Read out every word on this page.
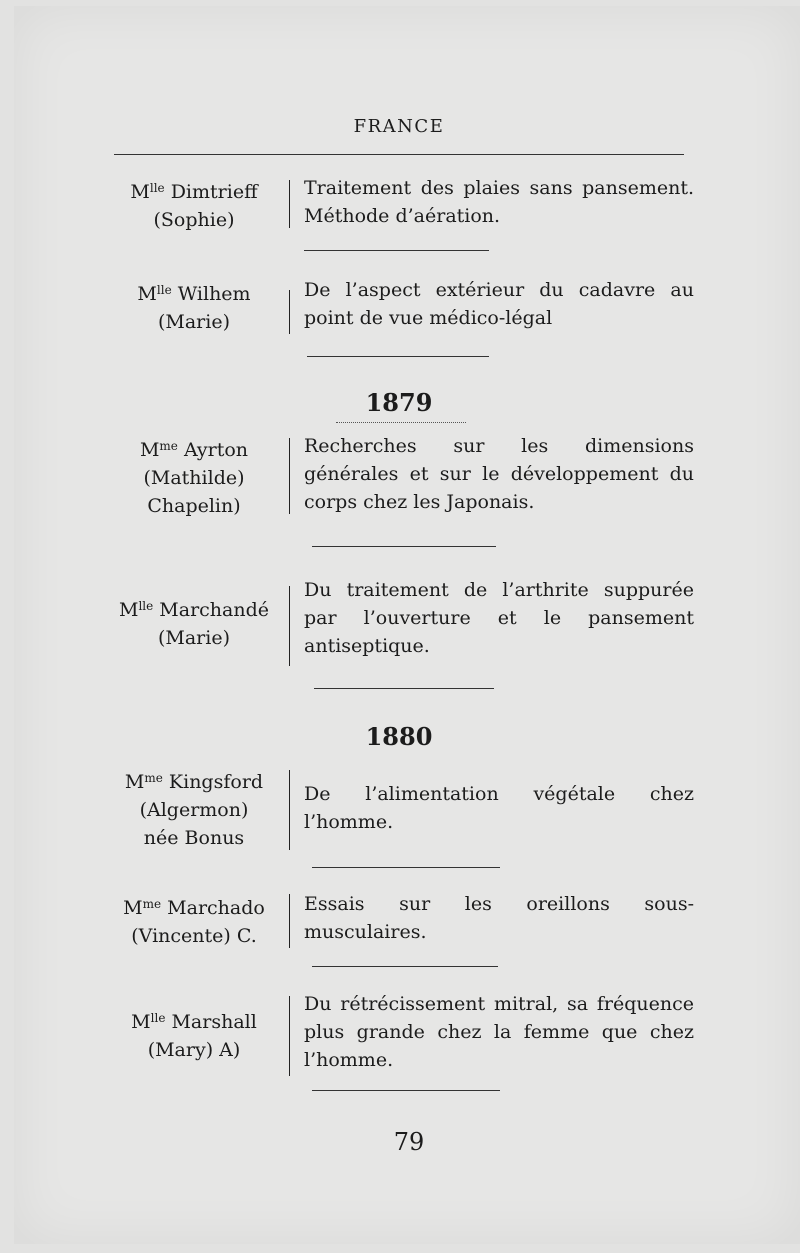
FRANCE
$M^{lle}$ Dimtrieff
(Sophie)
Traitement des plaies sans pansement. Méthode d’aération.
$M^{lle}$ Wilhem
(Marie)
De l’aspect extérieur du cadavre au point de vue médico-légal
1879
$M^{me}$ Ayrton
(Mathilde)
Chapelin)
Recherches sur les dimensions générales et sur le développement du corps chez les Japonais.
$M^{lle}$ Marchandé
(Marie)
Du traitement de l’arthrite suppurée par l’ouverture et le pansement antiseptique.
1880
$M^{me}$ Kingsford
(Algermon)
née Bonus
De l’alimentation végétale chez l’homme.
$M^{me}$ Marchado
(Vincente) C.
Essais sur les oreillons sous-musculaires.
$M^{lle}$ Marshall
(Mary) A)
Du rétrécissement mitral, sa fréquence plus grande chez la femme que chez l’homme.
79
